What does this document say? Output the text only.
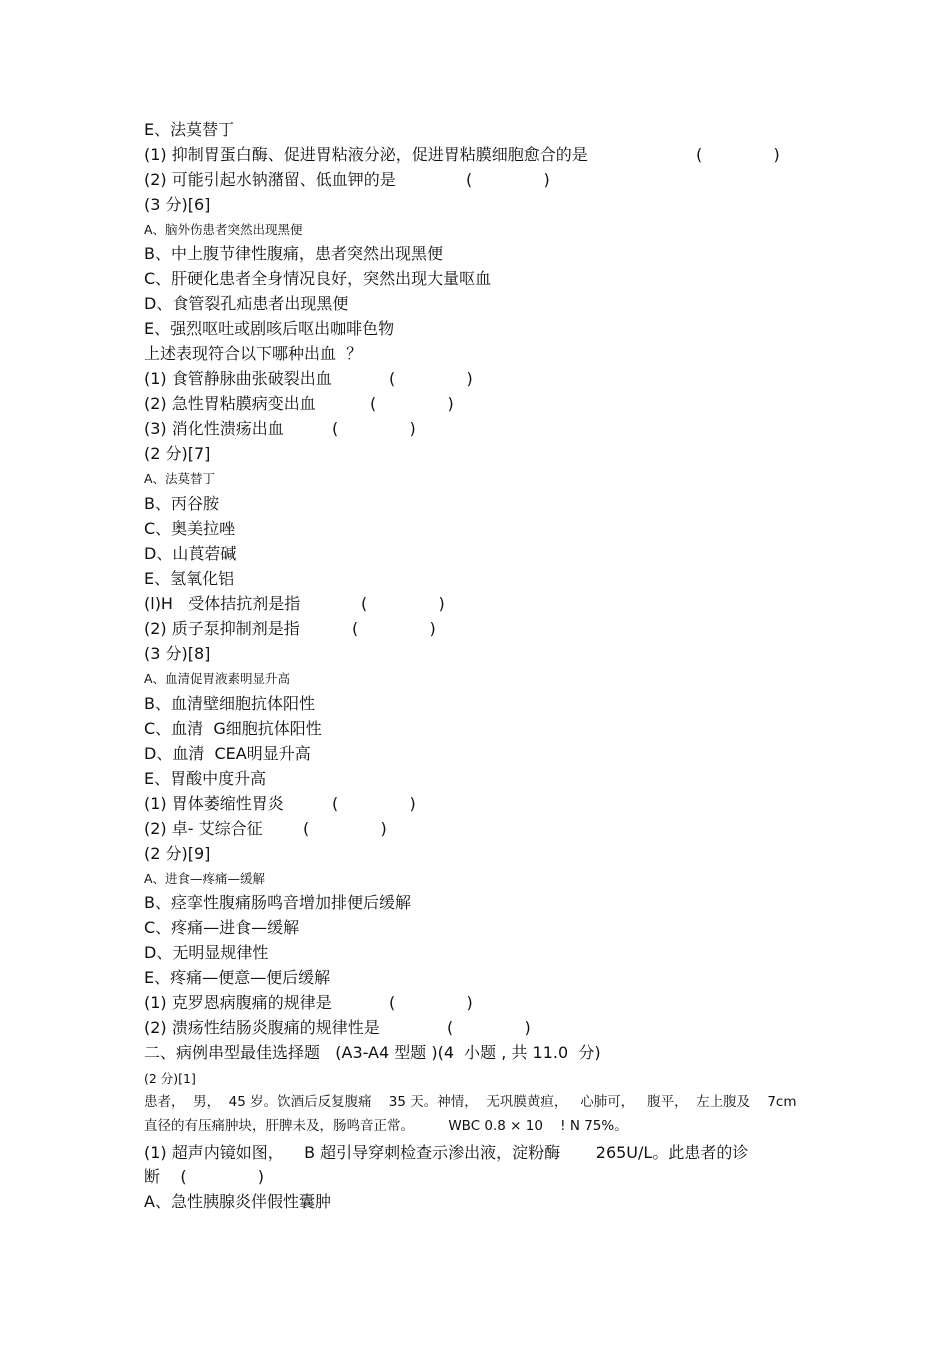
E、法莫替丁
(1) 抑制胃蛋白酶、促进胃粘液分泌，促进胃粘膜细胞愈合的是	(              )
(2) 可能引起水钠潴留、低血钾的是	(              )
(3 分)[6]
A、脑外伤患者突然出现黑便
B、中上腹节律性腹痛，患者突然出现黑便
C、肝硬化患者全身情况良好，突然出现大量呕血
D、食管裂孔疝患者出现黑便
E、强烈呕吐或剧咳后呕出咖啡色物
上述表现符合以下哪种出血  ？
(1) 食管静脉曲张破裂出血	(              )
(2) 急性胃粘膜病变出血	(              )
(3) 消化性溃疡出血	(              )
(2 分)[7]
A、法莫替丁
B、丙谷胺
C、奥美拉唑
D、山莨菪碱
E、氢氧化铝
(l)H   受体拮抗剂是指	(              )
(2) 质子泵抑制剂是指	(              )
(3 分)[8]
A、血清促胃液素明显升高
B、血清壁细胞抗体阳性
C、血清  G细胞抗体阳性
D、血清  CEA明显升高
E、胃酸中度升高
(1) 胃体萎缩性胃炎	(              )
(2) 卓- 艾综合征	(              )
(2 分)[9]
A、进食—疼痛—缓解
B、痉挛性腹痛肠鸣音增加排便后缓解
C、疼痛—进食—缓解
D、无明显规律性
E、疼痛—便意—便后缓解
(1) 克罗恩病腹痛的规律是	(              )
(2) 溃疡性结肠炎腹痛的规律性是	(              )
二、病例串型最佳选择题   (A3-A4 型题 )(4  小题 , 共 11.0  分)
(2 分)[1]
患者，  男，  45 岁。饮酒后反复腹痛    35 天。神情，  无巩膜黄疸，   心肺可，   腹平，  左上腹及    7cm
直径的有压痛肿块，肝脾未及，肠鸣音正常。        WBC 0.8 × 10    ! N 75%。
(1) 超声内镜如图，    B 超引导穿刺检查示渗出液，淀粉酶       265U/L。此患者的诊
断    (              )
A、急性胰腺炎伴假性囊肿
